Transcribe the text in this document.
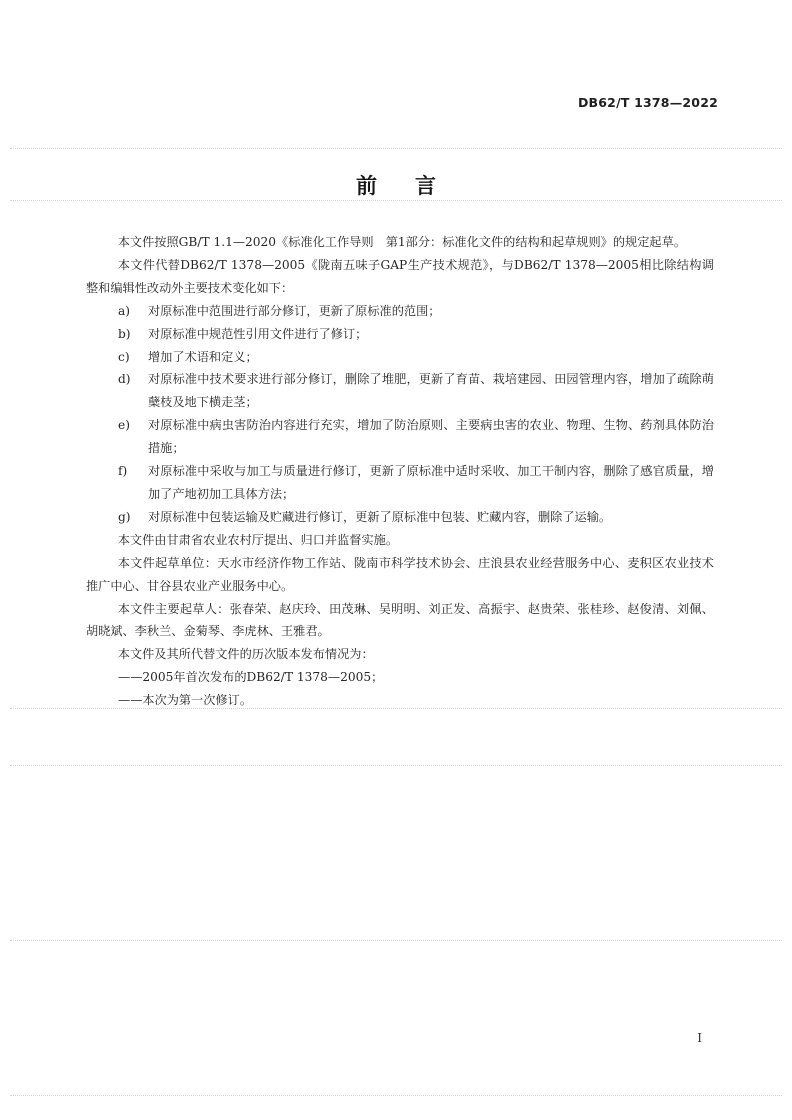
DB62/T 1378—2022
前言

本文件按照GB/T 1.1—2020《标准化工作导则　第1部分：标准化文件的结构和起草规则》的规定起草。

本文件代替DB62/T 1378—2005《陇南五味子GAP生产技术规范》，与DB62/T 1378—2005相比除结构调整和编辑性改动外主要技术变化如下：

a) 对原标准中范围进行部分修订，更新了原标准的范围；

b) 对原标准中规范性引用文件进行了修订；

c) 增加了术语和定义；

d) 对原标准中技术要求进行部分修订，删除了堆肥，更新了育苗、栽培建园、田园管理内容，增加了疏除萌蘖枝及地下横走茎；

e) 对原标准中病虫害防治内容进行充实，增加了防治原则、主要病虫害的农业、物理、生物、药剂具体防治措施；

f) 对原标准中采收与加工与质量进行修订，更新了原标准中适时采收、加工干制内容，删除了感官质量，增加了产地初加工具体方法；

g) 对原标准中包装运输及贮藏进行修订，更新了原标准中包装、贮藏内容，删除了运输。

本文件由甘肃省农业农村厅提出、归口并监督实施。

本文件起草单位：天水市经济作物工作站、陇南市科学技术协会、庄浪县农业经营服务中心、麦积区农业技术推广中心、甘谷县农业产业服务中心。

本文件主要起草人：张春荣、赵庆玲、田茂琳、吴明明、刘正发、高振宇、赵贵荣、张桂珍、赵俊清、刘佩、胡晓斌、李秋兰、金菊琴、李虎林、王雅君。

本文件及其所代替文件的历次版本发布情况为：

——2005年首次发布的DB62/T 1378—2005；

——本次为第一次修订。

I
